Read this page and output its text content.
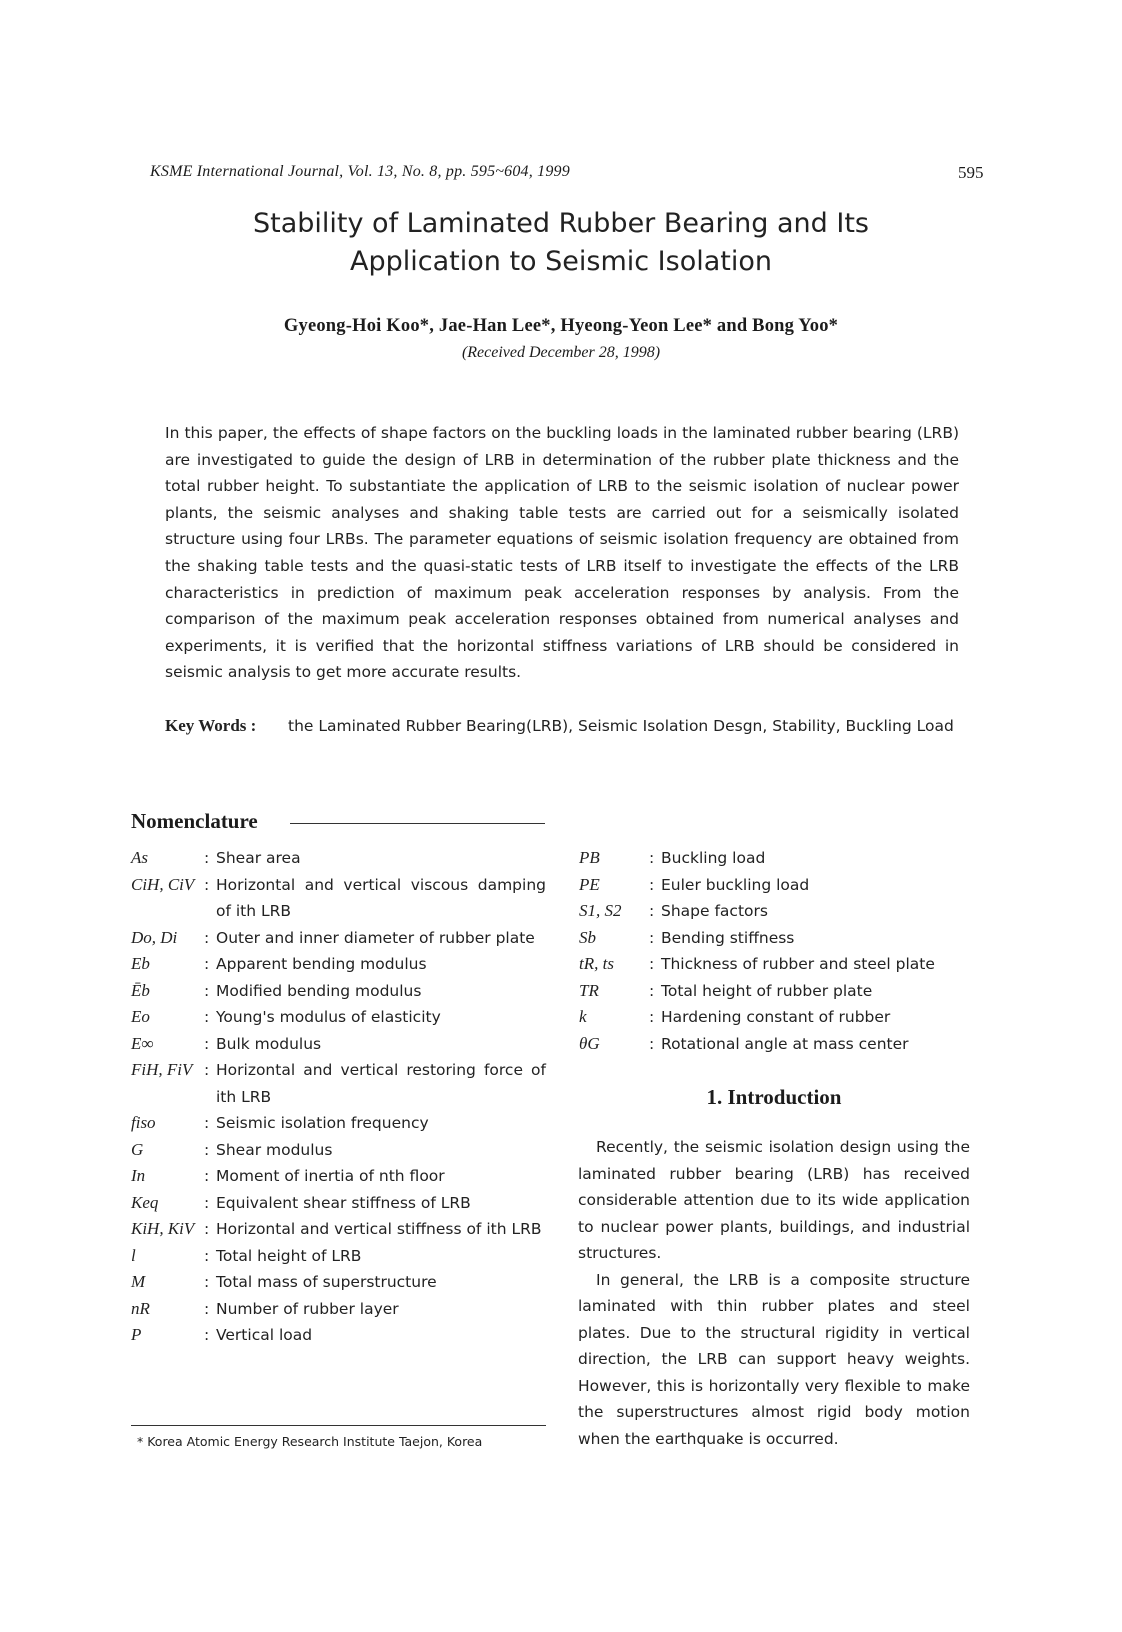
KSME International Journal, Vol. 13, No. 8, pp. 595~604, 1999	595
Stability of Laminated Rubber Bearing and Its
Application to Seismic Isolation
Gyeong-Hoi Koo*, Jae-Han Lee*, Hyeong-Yeon Lee* and Bong Yoo*
(Received December 28, 1998)

In this paper, the effects of shape factors on the buckling loads in the laminated rubber bearing (LRB) are investigated to guide the design of LRB in determination of the rubber plate thickness and the total rubber height. To substantiate the application of LRB to the seismic isolation of nuclear power plants, the seismic analyses and shaking table tests are carried out for a seismically isolated structure using four LRBs. The parameter equations of seismic isolation frequency are obtained from the shaking table tests and the quasi-static tests of LRB itself to investigate the effects of the LRB characteristics in prediction of maximum peak acceleration responses by analysis. From the comparison of the maximum peak acceleration responses obtained from numerical analyses and experiments, it is verified that the horizontal stiffness variations of LRB should be considered in seismic analysis to get more accurate results.

Key Words : the Laminated Rubber Bearing(LRB), Seismic Isolation Desgn, Stability, Buckling Load
Nomenclature
As	: Shear area
CiH, CiV : Horizontal and vertical viscous damping of ith LRB
Do, Di	: Outer and inner diameter of rubber plate
Eb	: Apparent bending modulus
Ēb	: Modified bending modulus
Eo	: Young's modulus of elasticity
E∞	: Bulk modulus
FiH, FiV : Horizontal and vertical restoring force of ith LRB
fiso	: Seismic isolation frequency
G	: Shear modulus
In	: Moment of inertia of nth floor
Keq	: Equivalent shear stiffness of LRB
KiH, KiV : Horizontal and vertical stiffness of ith LRB
l	: Total height of LRB
M	: Total mass of superstructure
nR	: Number of rubber layer
P	: Vertical load
PB	: Buckling load
PE	: Euler buckling load
S1, S2	: Shape factors
Sb	: Bending stiffness
tR, ts	: Thickness of rubber and steel plate
TR	: Total height of rubber plate
k	: Hardening constant of rubber
θG	: Rotational angle at mass center
1. Introduction

Recently, the seismic isolation design using the laminated rubber bearing (LRB) has received considerable attention due to its wide application to nuclear power plants, buildings, and industrial structures.

In general, the LRB is a composite structure laminated with thin rubber plates and steel plates. Due to the structural rigidity in vertical direction, the LRB can support heavy weights. However, this is horizontally very flexible to make the superstructures almost rigid body motion when the earthquake is occurred.

* Korea Atomic Energy Research Institute Taejon, Korea
